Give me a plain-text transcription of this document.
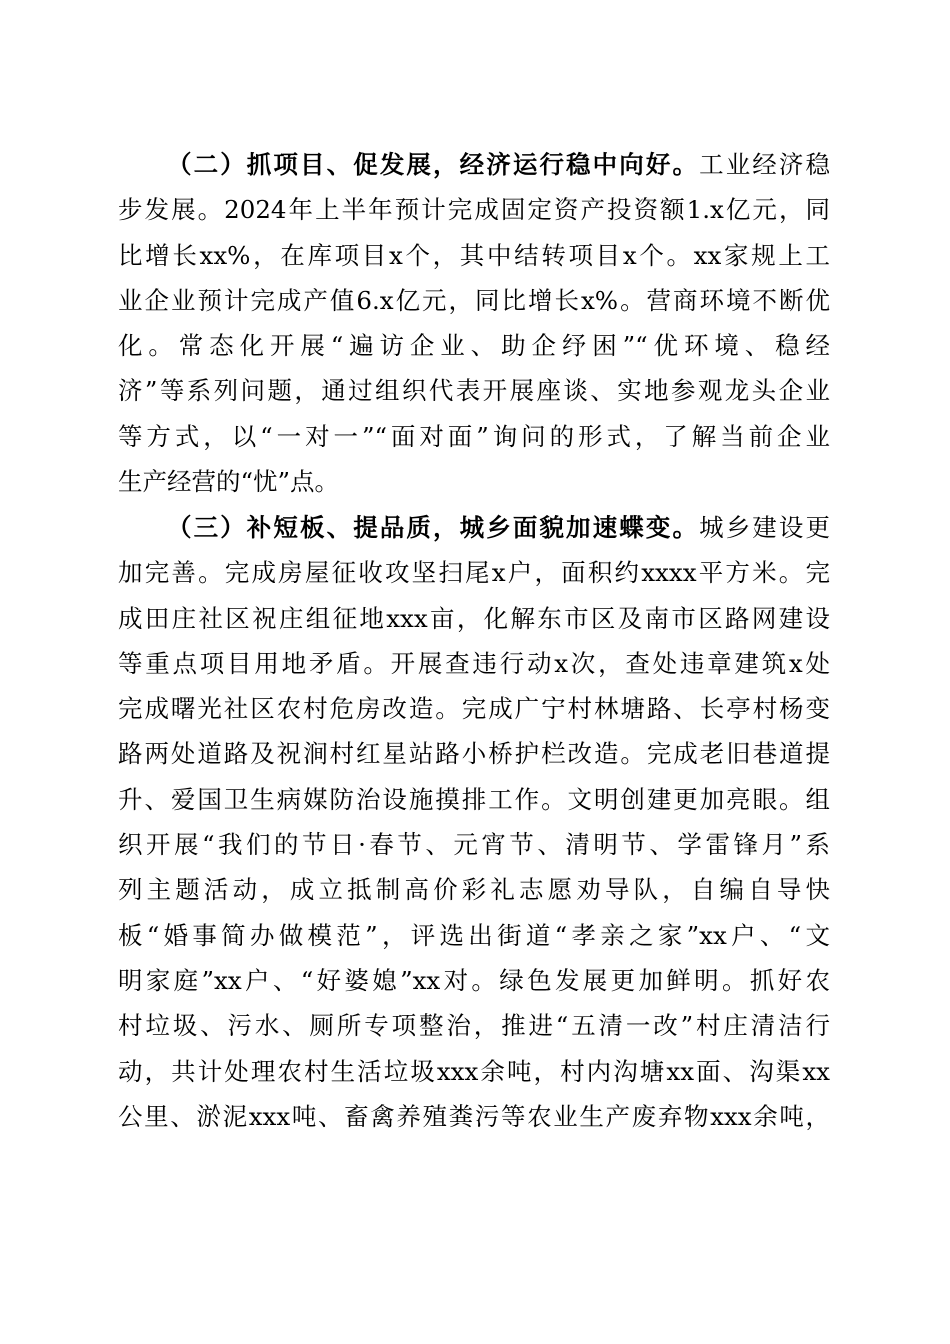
（二）抓项目、促发展，经济运行稳中向好。工业经济稳
步发展。2024年上半年预计完成固定资产投资额1.x亿元，同
比增长xx%，在库项目x个，其中结转项目x个。xx家规上工
业企业预计完成产值6.x亿元，同比增长x%。营商环境不断优
化。常态化开展“遍访企业、助企纾困”“优环境、稳经
济”等系列问题，通过组织代表开展座谈、实地参观龙头企业
等方式，以“一对一”“面对面”询问的形式，了解当前企业
生产经营的“忧”点。
（三）补短板、提品质，城乡面貌加速蝶变。城乡建设更
加完善。完成房屋征收攻坚扫尾x户，面积约xxxx平方米。完
成田庄社区祝庄组征地xxx亩，化解东市区及南市区路网建设
等重点项目用地矛盾。开展查违行动x次，查处违章建筑x处
完成曙光社区农村危房改造。完成广宁村林塘路、长亭村杨变
路两处道路及祝涧村红星站路小桥护栏改造。完成老旧巷道提
升、爱国卫生病媒防治设施摸排工作。文明创建更加亮眼。组
织开展“我们的节日·春节、元宵节、清明节、学雷锋月”系
列主题活动，成立抵制高价彩礼志愿劝导队，自编自导快
板“婚事简办做模范”，评选出街道“孝亲之家”xx户、“文
明家庭”xx户、“好婆媳”xx对。绿色发展更加鲜明。抓好农
村垃圾、污水、厕所专项整治，推进“五清一改”村庄清洁行
动，共计处理农村生活垃圾xxx余吨，村内沟塘xx面、沟渠xx
公里、淤泥xxx吨、畜禽养殖粪污等农业生产废弃物xxx余吨，
